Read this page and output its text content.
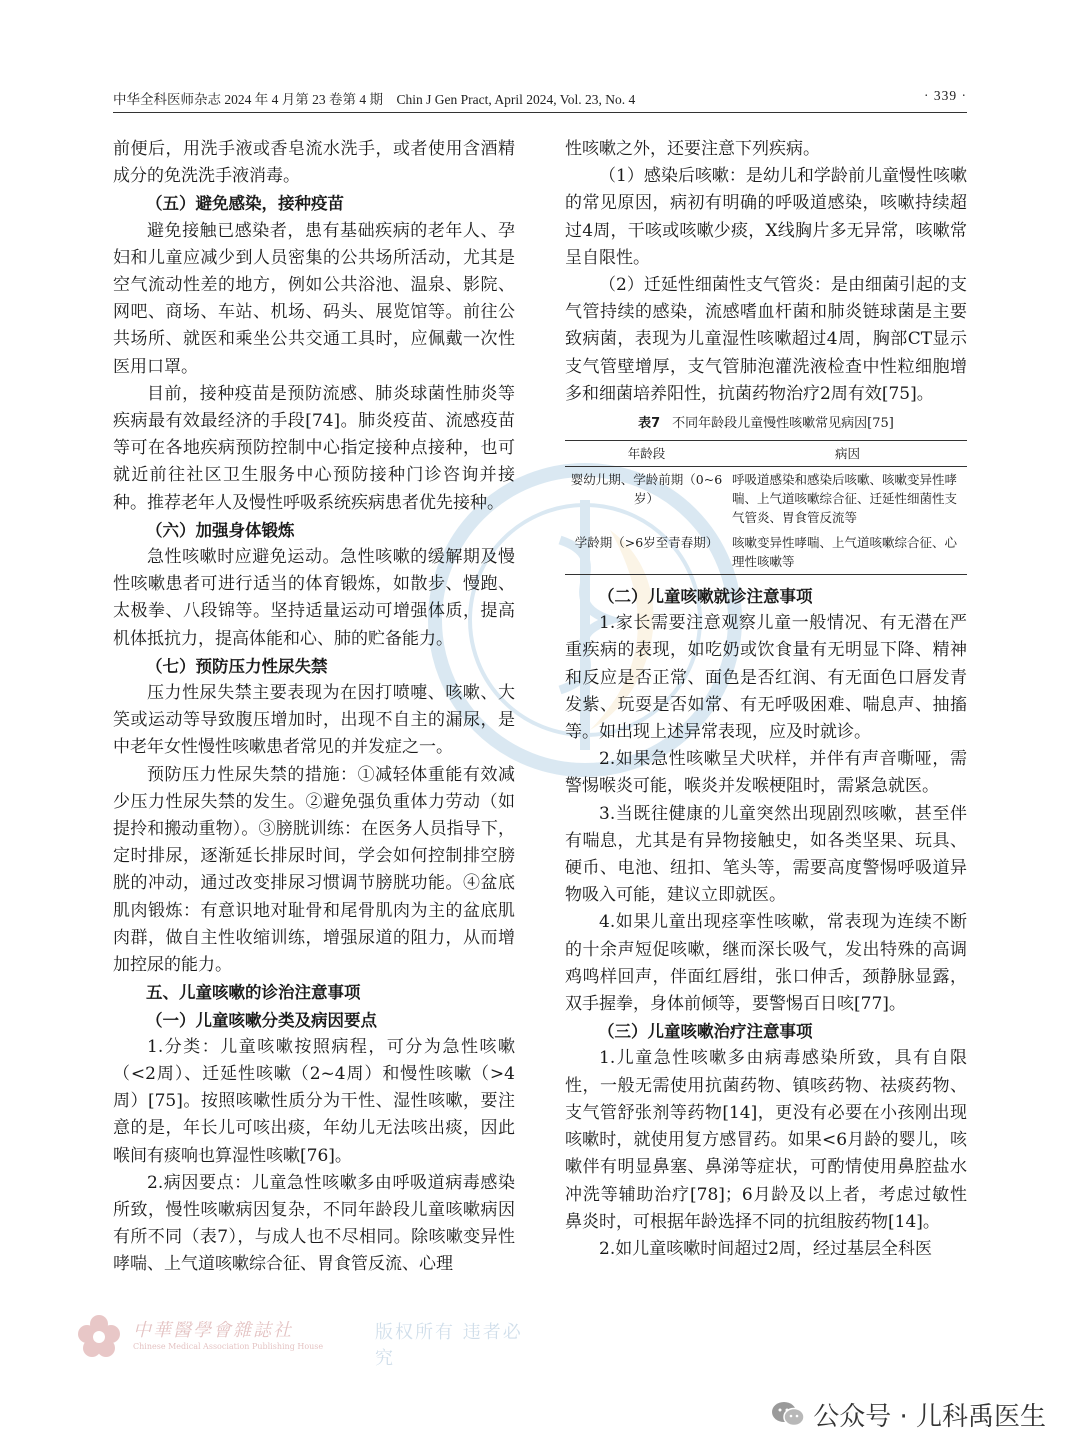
中华全科医师杂志 2024 年 4 月第 23 卷第 4 期　Chin J Gen Pract, April 2024, Vol. 23, No. 4	· 339 ·

前便后，用洗手液或香皂流水洗手，或者使用含酒精成分的免洗洗手液消毒。

（五）避免感染，接种疫苗

避免接触已感染者，患有基础疾病的老年人、孕妇和儿童应减少到人员密集的公共场所活动，尤其是空气流动性差的地方，例如公共浴池、温泉、影院、网吧、商场、车站、机场、码头、展览馆等。前往公共场所、就医和乘坐公共交通工具时，应佩戴一次性医用口罩。

目前，接种疫苗是预防流感、肺炎球菌性肺炎等疾病最有效最经济的手段[74]。肺炎疫苗、流感疫苗等可在各地疾病预防控制中心指定接种点接种，也可就近前往社区卫生服务中心预防接种门诊咨询并接种。推荐老年人及慢性呼吸系统疾病患者优先接种。

（六）加强身体锻炼

急性咳嗽时应避免运动。急性咳嗽的缓解期及慢性咳嗽患者可进行适当的体育锻炼，如散步、慢跑、太极拳、八段锦等。坚持适量运动可增强体质，提高机体抵抗力，提高体能和心、肺的贮备能力。

（七）预防压力性尿失禁

压力性尿失禁主要表现为在因打喷嚏、咳嗽、大笑或运动等导致腹压增加时，出现不自主的漏尿，是中老年女性慢性咳嗽患者常见的并发症之一。

预防压力性尿失禁的措施：①减轻体重能有效减少压力性尿失禁的发生。②避免强负重体力劳动（如提拎和搬动重物）。③膀胱训练：在医务人员指导下，定时排尿，逐渐延长排尿时间，学会如何控制排空膀胱的冲动，通过改变排尿习惯调节膀胱功能。④盆底肌肉锻炼：有意识地对耻骨和尾骨肌肉为主的盆底肌肉群，做自主性收缩训练，增强尿道的阻力，从而增加控尿的能力。

五、儿童咳嗽的诊治注意事项
（一）儿童咳嗽分类及病因要点

1.分类：儿童咳嗽按照病程，可分为急性咳嗽（<2周）、迁延性咳嗽（2~4周）和慢性咳嗽（>4周）[75]。按照咳嗽性质分为干性、湿性咳嗽，要注意的是，年长儿可咳出痰，年幼儿无法咳出痰，因此喉间有痰响也算湿性咳嗽[76]。

2.病因要点：儿童急性咳嗽多由呼吸道病毒感染所致，慢性咳嗽病因复杂，不同年龄段儿童咳嗽病因有所不同（表7），与成人也不尽相同。除咳嗽变异性哮喘、上气道咳嗽综合征、胃食管反流、心理

性咳嗽之外，还要注意下列疾病。

（1）感染后咳嗽：是幼儿和学龄前儿童慢性咳嗽的常见原因，病初有明确的呼吸道感染，咳嗽持续超过4周，干咳或咳嗽少痰，X线胸片多无异常，咳嗽常呈自限性。

（2）迁延性细菌性支气管炎：是由细菌引起的支气管持续的感染，流感嗜血杆菌和肺炎链球菌是主要致病菌，表现为儿童湿性咳嗽超过4周，胸部CT显示支气管壁增厚，支气管肺泡灌洗液检查中性粒细胞增多和细菌培养阳性，抗菌药物治疗2周有效[75]。

表7 不同年龄段儿童慢性咳嗽常见病因[75]
年龄段	病因
婴幼儿期、学龄前期（0~6岁）	呼吸道感染和感染后咳嗽、咳嗽变异性哮喘、上气道咳嗽综合征、迁延性细菌性支气管炎、胃食管反流等
学龄期（>6岁至青春期）	咳嗽变异性哮喘、上气道咳嗽综合征、心理性咳嗽等
（二）儿童咳嗽就诊注意事项

1.家长需要注意观察儿童一般情况、有无潜在严重疾病的表现，如吃奶或饮食量有无明显下降、精神和反应是否正常、面色是否红润、有无面色口唇发青发紫、玩耍是否如常、有无呼吸困难、喘息声、抽搐等。如出现上述异常表现，应及时就诊。

2.如果急性咳嗽呈犬吠样，并伴有声音嘶哑，需警惕喉炎可能，喉炎并发喉梗阻时，需紧急就医。

3.当既往健康的儿童突然出现剧烈咳嗽，甚至伴有喘息，尤其是有异物接触史，如各类坚果、玩具、硬币、电池、纽扣、笔头等，需要高度警惕呼吸道异物吸入可能，建议立即就医。

4.如果儿童出现痉挛性咳嗽，常表现为连续不断的十余声短促咳嗽，继而深长吸气，发出特殊的高调鸡鸣样回声，伴面红唇绀，张口伸舌，颈静脉显露，双手握拳，身体前倾等，要警惕百日咳[77]。

（三）儿童咳嗽治疗注意事项

1.儿童急性咳嗽多由病毒感染所致，具有自限性，一般无需使用抗菌药物、镇咳药物、祛痰药物、支气管舒张剂等药物[14]，更没有必要在小孩刚出现咳嗽时，就使用复方感冒药。如果<6月龄的婴儿，咳嗽伴有明显鼻塞、鼻涕等症状，可酌情使用鼻腔盐水冲洗等辅助治疗[78]；6月龄及以上者，考虑过敏性鼻炎时，可根据年龄选择不同的抗组胺药物[14]。

2.如儿童咳嗽时间超过2周，经过基层全科医

中華醫學會雜誌社
Chinese Medical Association Publishing House
版权所有 违者必究
公众号 · 儿科禹医生
